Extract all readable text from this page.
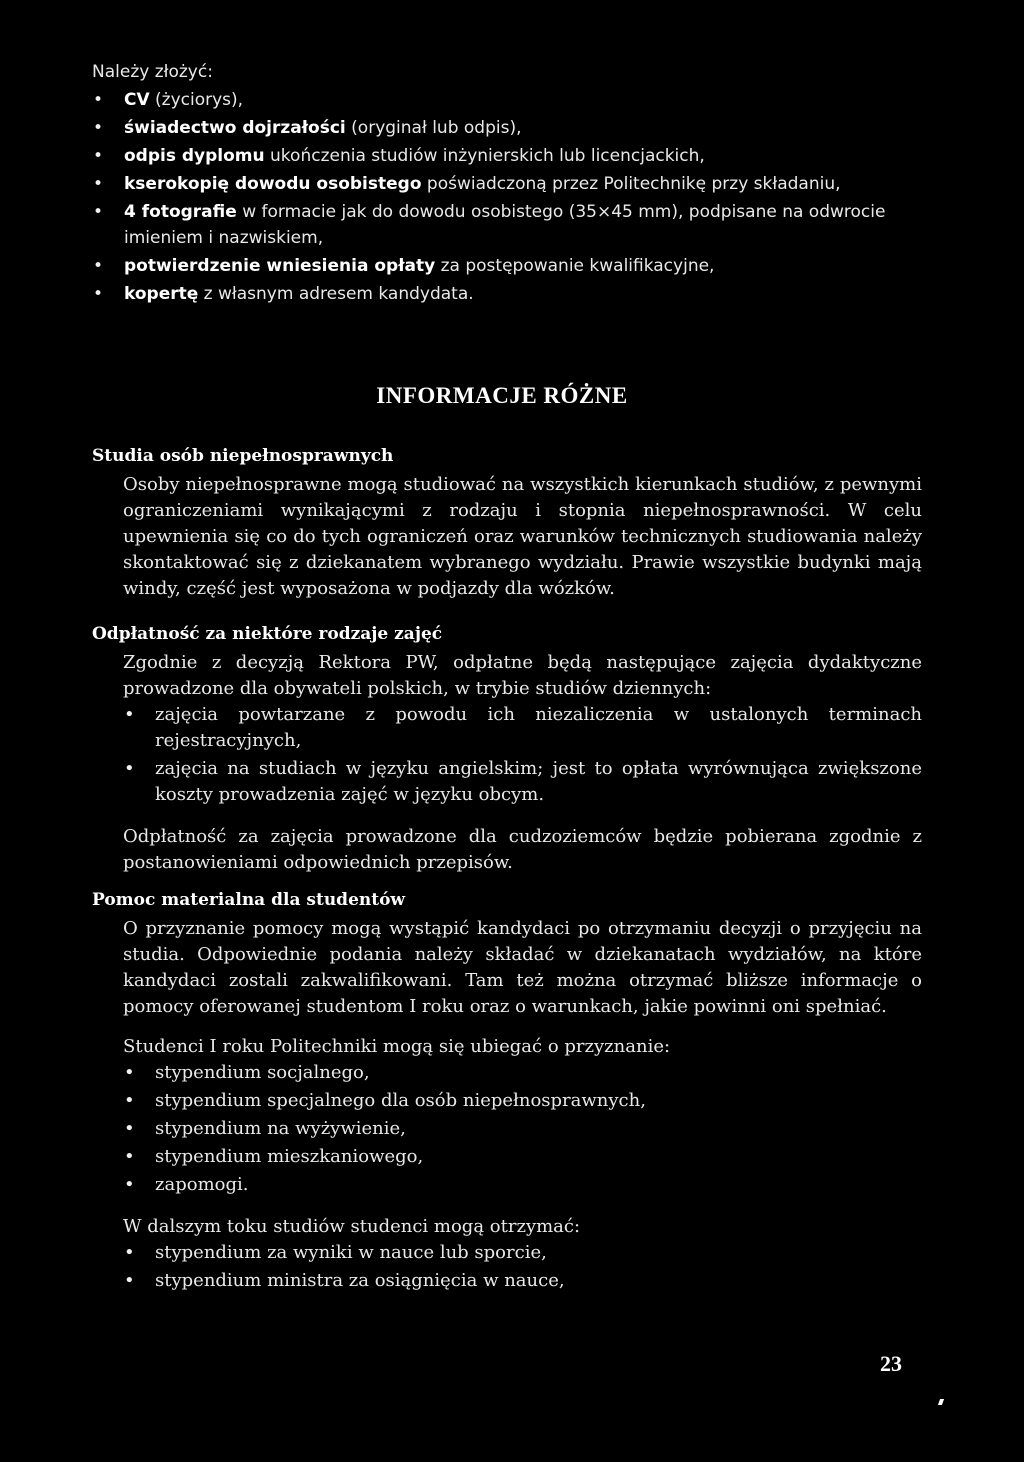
Należy złożyć:

• CV (życiorys),
• świadectwo dojrzałości (oryginał lub odpis),
• odpis dyplomu ukończenia studiów inżynierskich lub licencjackich,
• kserokopię dowodu osobistego poświadczoną przez Politechnikę przy składaniu,
• 4 fotografie w formacie jak do dowodu osobistego (35×45 mm), podpisane na odwrocie imieniem i nazwiskiem,
• potwierdzenie wniesienia opłaty za postępowanie kwalifikacyjne,
• kopertę z własnym adresem kandydata.
INFORMACJE RÓŻNE
Studia osób niepełnosprawnych

Osoby niepełnosprawne mogą studiować na wszystkich kierunkach studiów, z pewnymi ograniczeniami wynikającymi z rodzaju i stopnia niepełnosprawności. W celu upewnienia się co do tych ograniczeń oraz warunków technicznych studiowania należy skontaktować się z dziekanatem wybranego wydziału. Prawie wszystkie budynki mają windy, część jest wyposażona w podjazdy dla wózków.

Odpłatność za niektóre rodzaje zajęć

Zgodnie z decyzją Rektora PW, odpłatne będą następujące zajęcia dydaktyczne prowadzone dla obywateli polskich, w trybie studiów dziennych:

• zajęcia powtarzane z powodu ich niezaliczenia w ustalonych terminach rejestracyjnych,
• zajęcia na studiach w języku angielskim; jest to opłata wyrównująca zwiększone koszty prowadzenia zajęć w języku obcym.

Odpłatność za zajęcia prowadzone dla cudzoziemców będzie pobierana zgodnie z postanowieniami odpowiednich przepisów.

Pomoc materialna dla studentów

O przyznanie pomocy mogą wystąpić kandydaci po otrzymaniu decyzji o przyjęciu na studia. Odpowiednie podania należy składać w dziekanatach wydziałów, na które kandydaci zostali zakwalifikowani. Tam też można otrzymać bliższe informacje o pomocy oferowanej studentom I roku oraz o warunkach, jakie powinni oni spełniać.

Studenci I roku Politechniki mogą się ubiegać o przyznanie:

• stypendium socjalnego,
• stypendium specjalnego dla osób niepełnosprawnych,
• stypendium na wyżywienie,
• stypendium mieszkaniowego,
• zapomogi.

W dalszym toku studiów studenci mogą otrzymać:

• stypendium za wyniki w nauce lub sporcie,
• stypendium ministra za osiągnięcia w nauce,
23
